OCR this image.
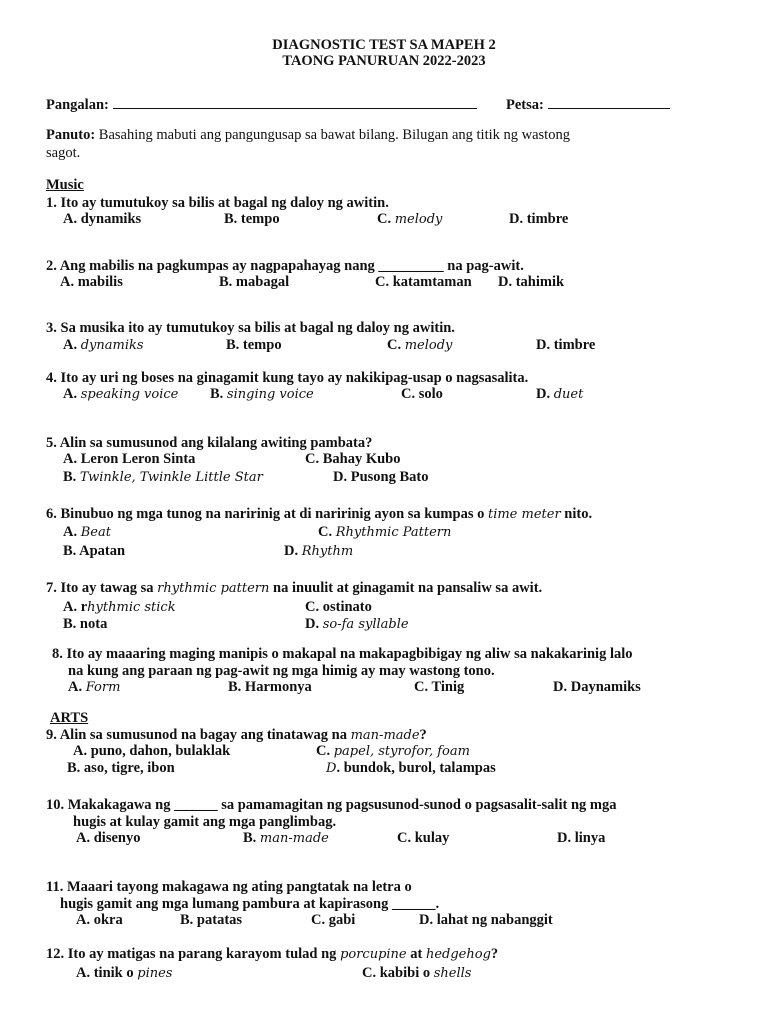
DIAGNOSTIC TEST SA MAPEH 2
TAONG PANURUAN 2022-2023
Pangalan:	Petsa:
Panuto: Basahing mabuti ang pangungusap sa bawat bilang. Bilugan ang titik ng wastong
sagot.
Music
1. Ito ay tumutukoy sa bilis at bagal ng daloy ng awitin.
A. dynamiks	B. tempo	C. melody	D. timbre
2. Ang mabilis na pagkumpas ay nagpapahayag nang _________ na pag-awit.
A. mabilis	B. mabagal	C. katamtaman D. tahimik
3. Sa musika ito ay tumutukoy sa bilis at bagal ng daloy ng awitin.
A. dynamiks	B. tempo	C. melody	D. timbre
4. Ito ay uri ng boses na ginagamit kung tayo ay nakikipag-usap o nagsasalita.
A. speaking voice B. singing voice	C. solo	D. duet
5. Alin sa sumusunod ang kilalang awiting pambata?
A. Leron Leron Sinta	C. Bahay Kubo
B. Twinkle, Twinkle Little Star	D. Pusong Bato
6. Binubuo ng mga tunog na naririnig at di naririnig ayon sa kumpas o time meter nito.
A. Beat	C. Rhythmic Pattern
B. Apatan	D. Rhythm
7. Ito ay tawag sa rhythmic pattern na inuulit at ginagamit na pansaliw sa awit.
A. rhythmic stick	C. ostinato
B. nota	D. so-fa syllable
8. Ito ay maaaring maging manipis o makapal na makapagbibigay ng aliw sa nakakarinig lalo
na kung ang paraan ng pag-awit ng mga himig ay may wastong tono.
A. Form	B. Harmonya	C. Tinig	D. Daynamiks
ARTS
9. Alin sa sumusunod na bagay ang tinatawag na man-made?
A. puno, dahon, bulaklak	C. papel, styrofor, foam
B. aso, tigre, ibon	D. bundok, burol, talampas
10. Makakagawa ng ______ sa pamamagitan ng pagsusunod-sunod o pagsasalit-salit ng mga
hugis at kulay gamit ang mga panglimbag.
A. disenyo	B. man-made	C. kulay	D. linya
11. Maaari tayong makagawa ng ating pangtatak na letra o
hugis gamit ang mga lumang pambura at kapirasong ______.
A. okra	B. patatas	C. gabi	D. lahat ng nabanggit
12. Ito ay matigas na parang karayom tulad ng porcupine at hedgehog?
A. tinik o pines	C. kabibi o shells
